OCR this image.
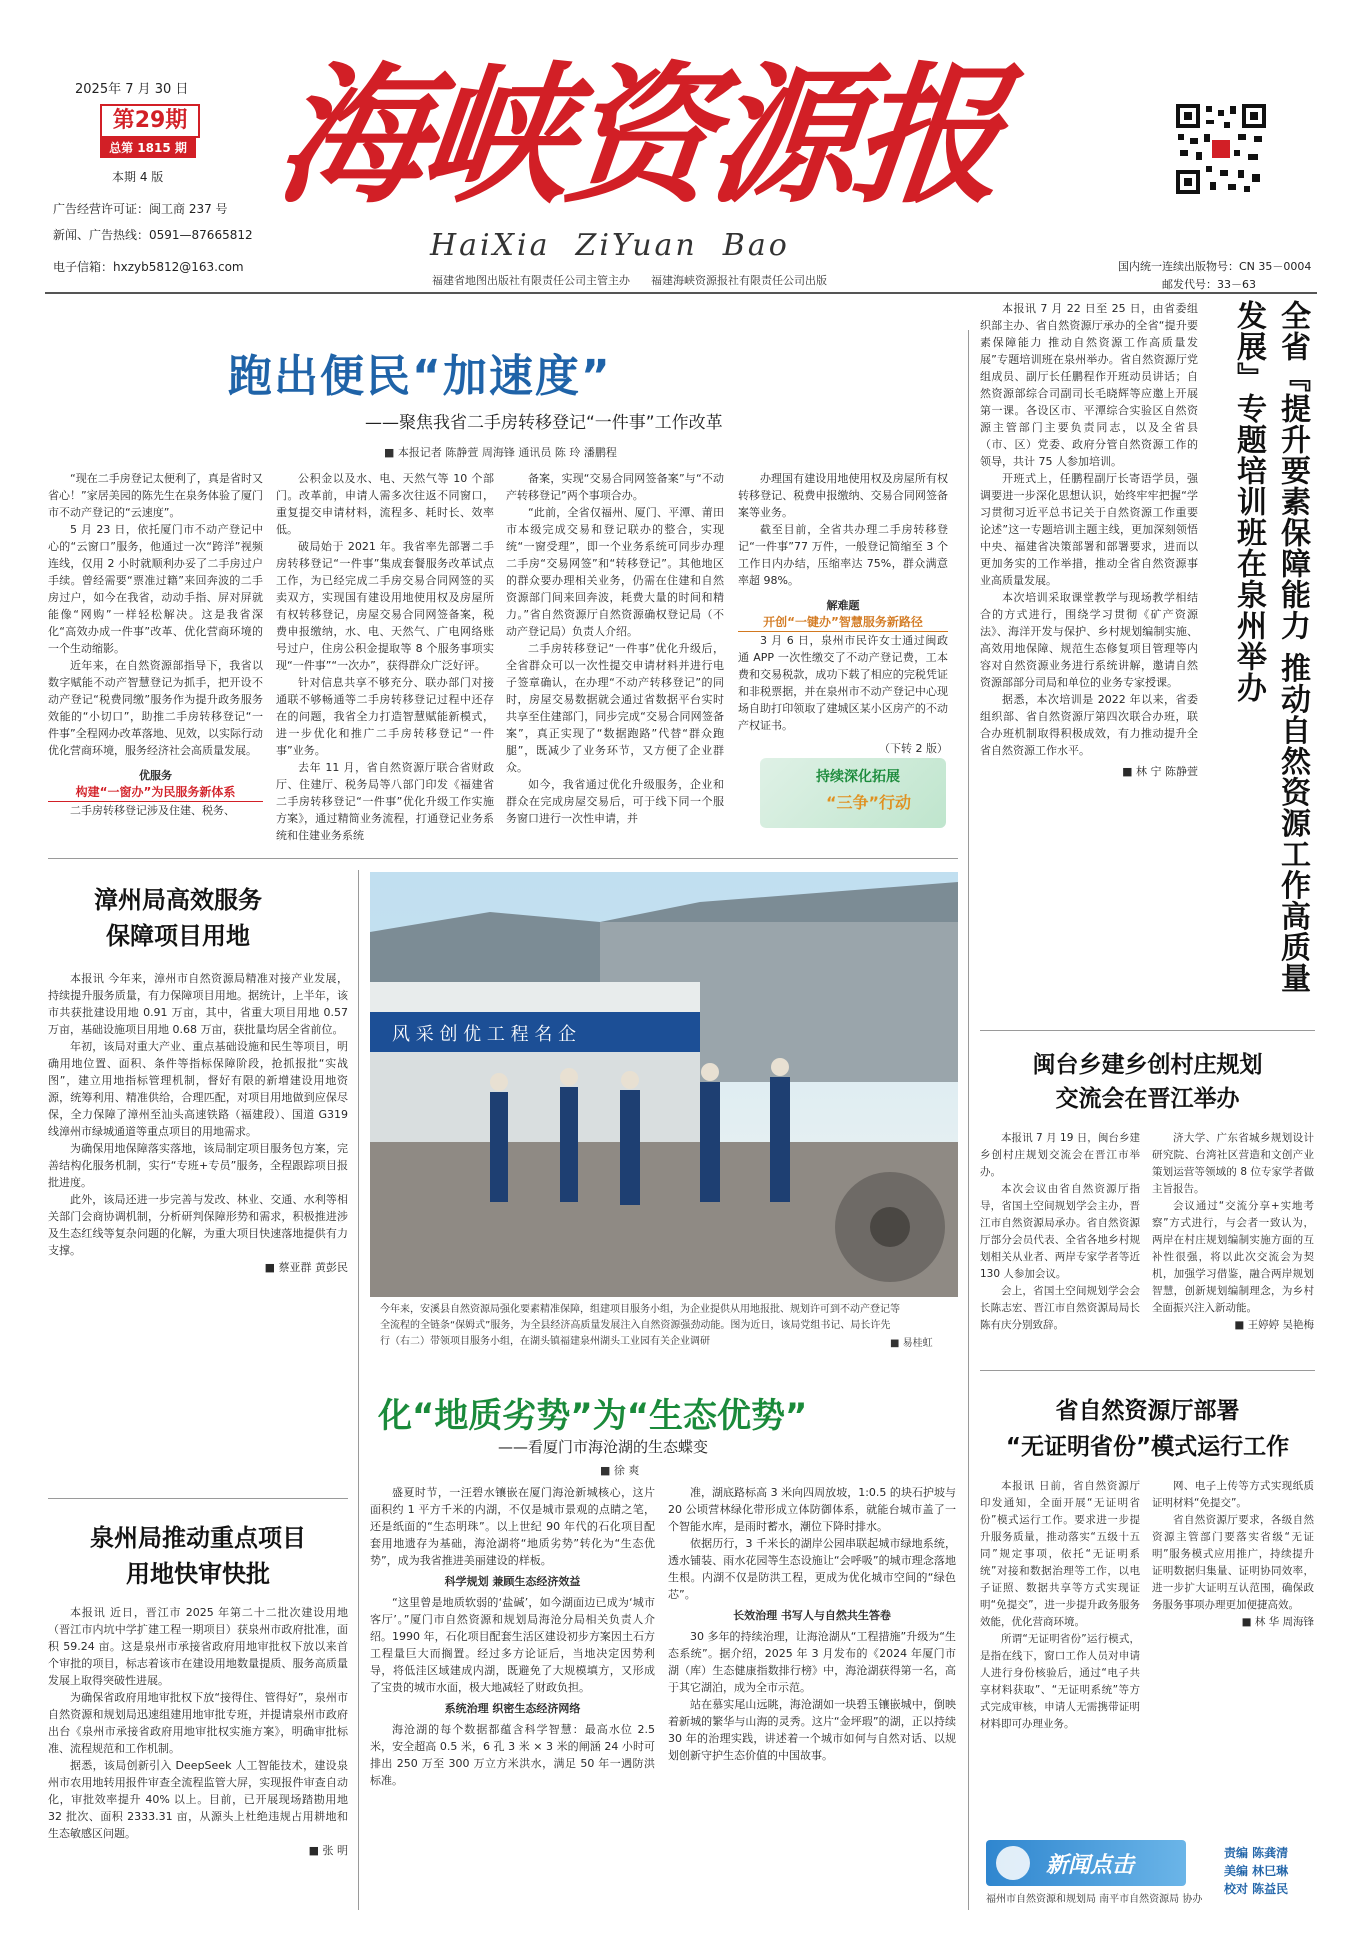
2025年 7 月 30 日
第29期
总第 1815 期
本期 4 版
广告经营许可证：闽工商 237 号
新闻、广告热线：0591—87665812
电子信箱：hxzyb5812@163.com
海峡资源报
HaiXia  ZiYuan  Bao
福建省地图出版社有限责任公司主管主办      福建海峡资源报社有限责任公司出版
国内统一连续出版物号：CN 35－0004
邮发代号：33－63
跑出便民“加速度”
——聚焦我省二手房转移登记“一件事”工作改革
■ 本报记者 陈静萱 周海锋 通讯员 陈 玲 潘鹏程

“现在二手房登记太便利了，真是省时又省心！”家居美园的陈先生在泉务体验了厦门市不动产登记的“云速度”。

5 月 23 日，依托厦门市不动产登记中心的“云窗口”服务，他通过一次“跨洋”视频连线，仅用 2 小时就顺利办妥了二手房过户手续。曾经需要“票准过籍”来回奔波的二手房过户，如今在我省，动动手指、屏对屏就能像“网购”一样轻松解决。这是我省深化“高效办成一件事”改革、优化营商环境的一个生动缩影。

近年来，在自然资源部指导下，我省以数字赋能不动产智慧登记为抓手，把开设不动产登记“税费同缴”服务作为提升政务服务效能的“小切口”，助推二手房转移登记“一件事”全程网办改革落地、见效，以实际行动优化营商环境，服务经济社会高质量发展。

优服务
构建“一窗办”为民服务新体系

二手房转移登记涉及住建、税务、

公积金以及水、电、天然气等 10 个部门。改革前，申请人需多次往返不同窗口，重复提交申请材料，流程多、耗时长、效率低。

破局始于 2021 年。我省率先部署二手房转移登记“一件事”集成套餐服务改革试点工作，为已经完成二手房交易合同网签的买卖双方，实现国有建设用地使用权及房屋所有权转移登记，房屋交易合同网签备案，税费申报缴纳，水、电、天然气、广电网络账号过户，住房公积金提取等 8 个服务事项实现“一件事”“一次办”，获得群众广泛好评。

针对信息共享不够充分、联办部门对接通联不够畅通等二手房转移登记过程中还存在的问题，我省全力打造智慧赋能新模式，进一步优化和推广二手房转移登记“一件事”业务。

去年 11 月，省自然资源厅联合省财政厅、住建厅、税务局等八部门印发《福建省二手房转移登记“一件事”优化升级工作实施方案》，通过精简业务流程，打通登记业务系统和住建业务系统

备案，实现“交易合同网签备案”与“不动产转移登记”两个事项合办。

“此前，全省仅福州、厦门、平潭、莆田市本级完成交易和登记联办的整合，实现统“一窗受理”，即一个业务系统可同步办理二手房“交易网签”和“转移登记”。其他地区的群众要办理相关业务，仍需在住建和自然资源部门间来回奔波，耗费大量的时间和精力。”省自然资源厅自然资源确权登记局（不动产登记局）负责人介绍。

二手房转移登记“一件事”优化升级后，全省群众可以一次性提交申请材料并进行电子签章确认，在办理“不动产转移登记”的同时，房屋交易数据就会通过省数据平台实时共享至住建部门，同步完成“交易合同网签备案”，真正实现了“数据跑路”代替“群众跑腿”，既减少了业务环节，又方便了企业群众。

如今，我省通过优化升级服务，企业和群众在完成房屋交易后，可于线下同一个服务窗口进行一次性申请，并

办理国有建设用地使用权及房屋所有权转移登记、税费申报缴纳、交易合同网签备案等业务。

截至目前，全省共办理二手房转移登记“一件事”77 万件，一般登记简缩至 3 个工作日内办结，压缩率达 75%，群众满意率超 98%。

解难题
开创“一键办”智慧服务新路径

3 月 6 日，泉州市民许女士通过闽政通 APP 一次性缴交了不动产登记费，工本费和交易税款，成功下载了相应的完税凭证和非税票据，并在泉州市不动产登记中心现场自助打印领取了建城区某小区房产的不动产权证书。

（下转 2 版）
持续深化拓展
“三争”行动

本报讯 7 月 22 日至 25 日，由省委组织部主办、省自然资源厅承办的全省“提升要素保障能力 推动自然资源工作高质量发展”专题培训班在泉州举办。省自然资源厅党组成员、副厅长任鹏程作开班动员讲话；自然资源部综合司副司长毛晓辉等应邀上开展第一课。各设区市、平潭综合实验区自然资源主管部门主要负责同志，以及全省县（市、区）党委、政府分管自然资源工作的领导，共计 75 人参加培训。

开班式上，任鹏程副厅长寄语学员，强调要进一步深化思想认识，始终牢牢把握“学习贯彻习近平总书记关于自然资源工作重要论述”这一专题培训主题主线，更加深刻领悟中央、福建省决策部署和部署要求，进而以更加务实的工作举措，推动全省自然资源事业高质量发展。

本次培训采取课堂教学与现场教学相结合的方式进行，围绕学习贯彻《矿产资源法》、海洋开发与保护、乡村规划编制实施、高效用地保障、规范生态修复项目管理等内容对自然资源业务进行系统讲解，邀请自然资源部部分司局和单位的业务专家授课。

据悉，本次培训是 2022 年以来，省委组织部、省自然资源厅第四次联合办班，联合办班机制取得积极成效，有力推动提升全省自然资源工作水平。

■ 林 宁 陈静萱	全省『提升要素保障能力 推动自然资源工作高质量发展』专题培训班在泉州举办
漳州局高效服务
保障项目用地

本报讯 今年来，漳州市自然资源局精准对接产业发展，持续提升服务质量，有力保障项目用地。据统计，上半年，该市共获批建设用地 0.91 万亩，其中，省重大项目用地 0.57 万亩，基础设施项目用地 0.68 万亩，获批量均居全省前位。

年初，该局对重大产业、重点基础设施和民生等项目，明确用地位置、面积、条件等指标保障阶段，抢抓报批“实战图”，建立用地指标管理机制，督好有限的新增建设用地资源，统筹利用、精准供给，合理匹配，对项目用地做到应保尽保，全力保障了漳州至汕头高速铁路（福建段）、国道 G319 线漳州市绿城通道等重点项目的用地需求。

为确保用地保障落实落地，该局制定项目服务包方案，完善结构化服务机制，实行“专班+专员”服务，全程跟踪项目报批进度。

此外，该局还进一步完善与发改、林业、交通、水利等相关部门会商协调机制，分析研判保障形势和需求，积极推进涉及生态红线等复杂问题的化解，为重大项目快速落地提供有力支撑。

■ 蔡亚群 黄彭民
泉州局推动重点项目
用地快审快批

本报讯 近日，晋江市 2025 年第二十二批次建设用地（晋江市内坑中学扩建工程一期项目）获泉州市政府批准，面积 59.24 亩。这是泉州市承接省政府用地审批权下放以来首个审批的项目，标志着该市在建设用地数量提质、服务高质量发展上取得突破性进展。

为确保省政府用地审批权下放“接得住、管得好”，泉州市自然资源和规划局迅速组建用地审批专班，并提请泉州市政府出台《泉州市承接省政府用地审批权实施方案》，明确审批标准、流程规范和工作机制。

据悉，该局创新引入 DeepSeek 人工智能技术，建设泉州市农用地转用报件审查全流程监管大屏，实现报件审查自动化，审批效率提升 40% 以上。目前，已开展现场踏勘用地 32 批次、面积 2333.31 亩，从源头上杜绝违规占用耕地和生态敏感区问题。

■ 张 明
风 采 创 优 工 程 名 企
今年来，安溪县自然资源局强化要素精准保障，组建项目服务小组，为企业提供从用地报批、规划许可到不动产登记等全流程的全链条“保姆式”服务，为全县经济高质量发展注入自然资源强劲动能。图为近日，该局党组书记、局长许先行（右二）带领项目服务小组，在湖头镇福建泉州湖头工业园有关企业调研	■ 易桂虹
化“地质劣势”为“生态优势”
——看厦门市海沧湖的生态蝶变
■ 徐 爽

盛夏时节，一汪碧水镶嵌在厦门海沧新城核心，这片面积约 1 平方千米的内湖，不仅是城市景观的点睛之笔，还是纸面的“生态明珠”。以上世纪 90 年代的石化项目配套用地遗存为基础，海沧湖将“地质劣势”转化为“生态优势”，成为我省推进美丽建设的样板。

科学规划 兼顾生态经济效益

“这里曾是地质软弱的‘盐碱’，如今湖面边已成为‘城市客厅’。”厦门市自然资源和规划局海沧分局相关负责人介绍。1990 年，石化项目配套生活区建设初步方案因土石方工程量巨大而搁置。经过多方论证后，当地决定因势利导，将低洼区域建成内湖，既避免了大规模填方，又形成了宝贵的城市水面，极大地减轻了财政负担。

系统治理 织密生态经济网络

海沧湖的每个数据都蕴含科学智慧：最高水位 2.5 米，安全超高 0.5 米，6 孔 3 米 × 3 米的闸涵 24 小时可排出 250 万至 300 万立方米洪水，满足 50 年一遇防洪标准。

准，湖底路标高 3 米向四周放坡，1:0.5 的块石护坡与 20 公顷营林绿化带形成立体防御体系，就能台城市盖了一个智能水库，是雨时蓄水，潮位下降时排水。

依据历行，3 千米长的湖岸公园串联起城市绿地系统，透水铺装、雨水花园等生态设施让“会呼吸”的城市理念落地生根。内湖不仅是防洪工程，更成为优化城市空间的“绿色芯”。

长效治理 书写人与自然共生答卷

30 多年的持续治理，让海沧湖从“工程措施”升级为“生态系统”。据介绍，2025 年 3 月发布的《2024 年厦门市湖（库）生态健康指数排行榜》中，海沧湖获得第一名，高于其它湖泊，成为全市示范。

站在慕实尾山远眺，海沧湖如一块碧玉镶嵌城中，倒映着新城的繁华与山海的灵秀。这片“金坪瑕”的湖，正以持续 30 年的治理实践，讲述着一个城市如何与自然对话、以规划创新守护生态价值的中国故事。

闽台乡建乡创村庄规划
交流会在晋江举办

本报讯 7 月 19 日，闽台乡建乡创村庄规划交流会在晋江市举办。

本次会议由省自然资源厅指导，省国土空间规划学会主办，晋江市自然资源局承办。省自然资源厅部分会员代表、全省各地乡村规划相关从业者、两岸专家学者等近 130 人参加会议。

会上，省国土空间规划学会会长陈志宏、晋江市自然资源局局长陈有庆分别致辞。

济大学、广东省城乡规划设计研究院、台湾社区营造和文创产业策划运营等领域的 8 位专家学者做主旨报告。

会议通过“交流分享+实地考察”方式进行，与会者一致认为，两岸在村庄规划编制实施方面的互补性很强，将以此次交流会为契机，加强学习借鉴，融合两岸规划智慧，创新规划编制理念，为乡村全面振兴注入新动能。

■ 王婷婷 吴艳梅
省自然资源厅部署
“无证明省份”模式运行工作

本报讯 日前，省自然资源厅印发通知，全面开展“无证明省份”模式运行工作。要求进一步提升服务质量，推动落实“五级十五同”规定事项，依托“无证明系统”对接和数据治理等工作，以电子证照、数据共享等方式实现证明“免提交”，进一步提升政务服务效能，优化营商环境。

所谓“无证明省份”运行模式，是指在线下，窗口工作人员对申请人进行身份核验后，通过“电子共享材料获取”、“无证明系统”等方式完成审核，申请人无需携带证明材料即可办理业务。

网、电子上传等方式实现纸质证明材料“免提交”。

省自然资源厅要求，各级自然资源主管部门要落实省级“无证明”服务模式应用推广，持续提升证明数据归集量、证明协同效率，进一步扩大证明互认范围，确保政务服务事项办理更加便捷高效。

■ 林 华 周海锋
新闻点击
福州市自然资源和规划局 南平市自然资源局 协办
责编 陈龚清
美编 林巳琳
校对 陈益民
